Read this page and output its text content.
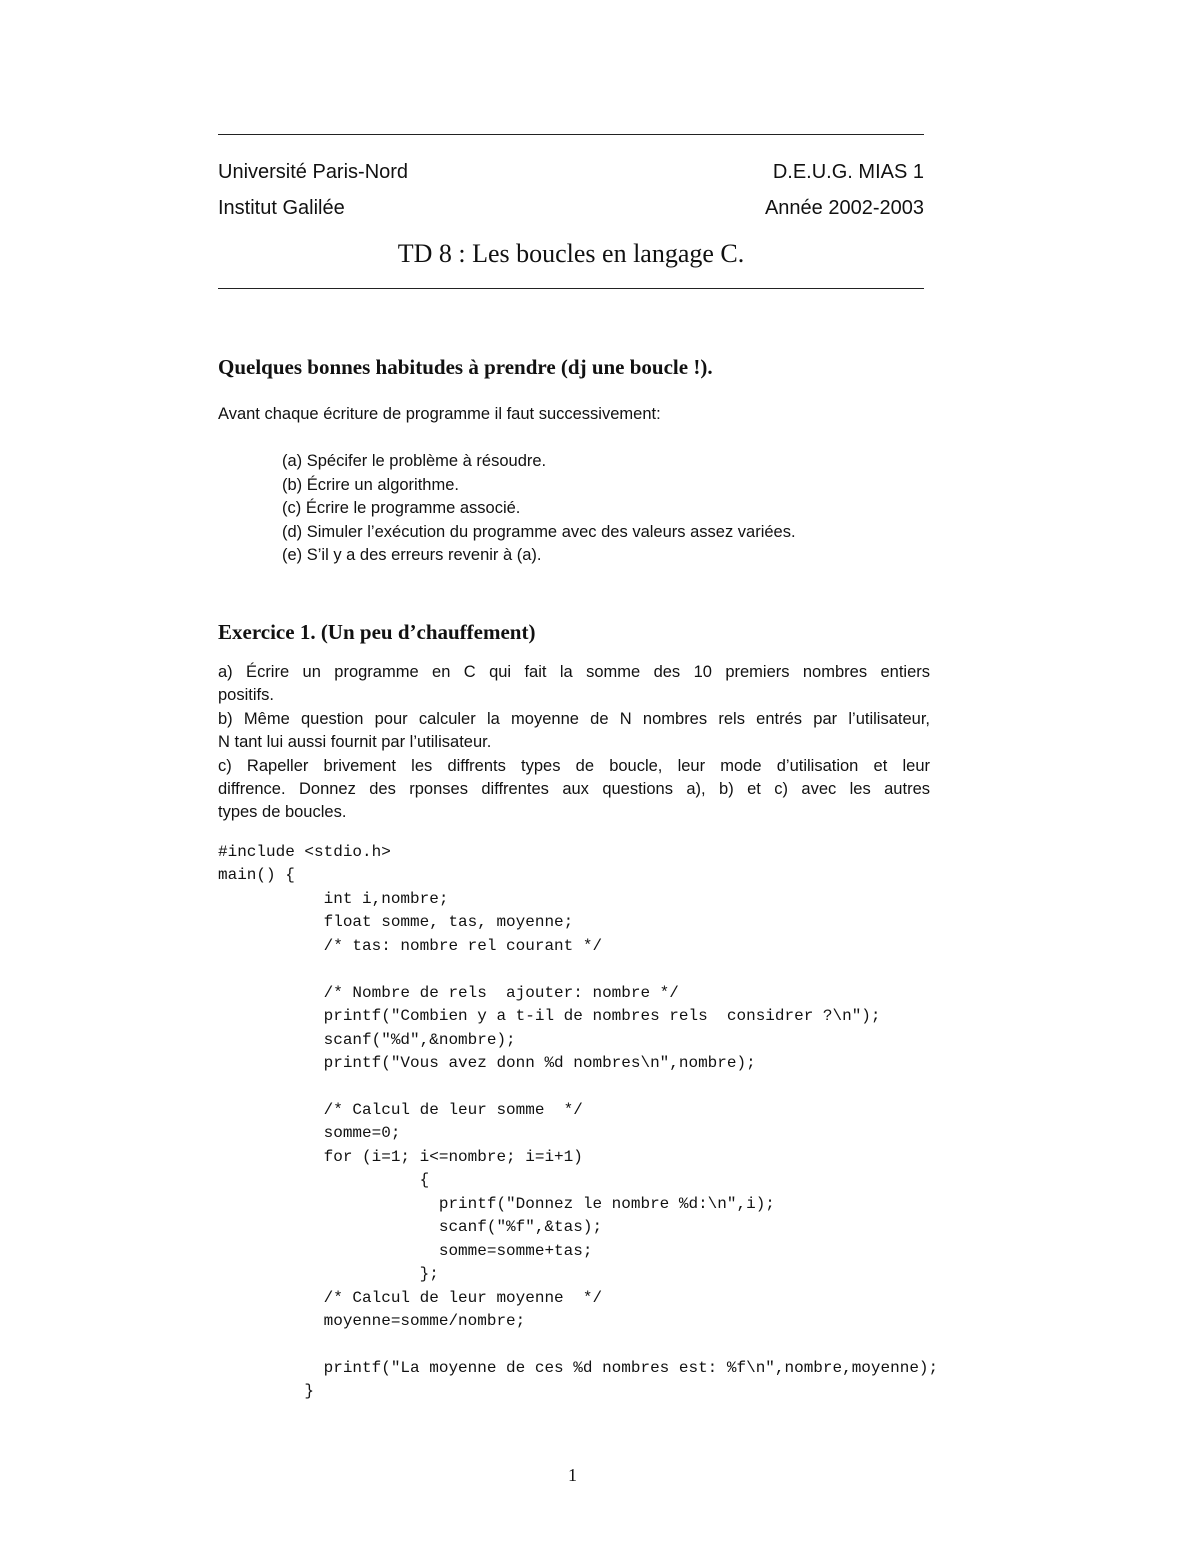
Université Paris-Nord	D.E.U.G. MIAS 1
Institut Galilée	Année 2002-2003
TD 8 : Les boucles en langage C.
Quelques bonnes habitudes à prendre (dj une boucle !).
Avant chaque écriture de programme il faut successivement:
(a) Spécifer le problème à résoudre.
(b) Écrire un algorithme.
(c) Écrire le programme associé.
(d) Simuler l’exécution du programme avec des valeurs assez variées.
(e) S’il y a des erreurs revenir à (a).
Exercice 1. (Un peu d’chauffement)
a) Écrire un programme en C qui fait la somme des 10 premiers nombres entiers
positifs.
b) Même question pour calculer la moyenne de N nombres rels entrés par l’utilisateur,
N tant lui aussi fournit par l’utilisateur.
c) Rapeller brivement les diffrents types de boucle, leur mode d’utilisation et leur
diffrence. Donnez des rponses diffrentes aux questions a), b) et c) avec les autres
types de boucles.
#include <stdio.h>
main() {
int i,nombre;
float somme, tas, moyenne;
/* tas: nombre rel courant */

/* Nombre de rels  ajouter: nombre */
printf("Combien y a t-il de nombres rels  considrer ?\n");
scanf("%d",&nombre);
printf("Vous avez donn %d nombres\n",nombre);

/* Calcul de leur somme  */
somme=0;
for (i=1; i<=nombre; i=i+1)
{
printf("Donnez le nombre %d:\n",i);
scanf("%f",&tas);
somme=somme+tas;
};
/* Calcul de leur moyenne  */
moyenne=somme/nombre;

printf("La moyenne de ces %d nombres est: %f\n",nombre,moyenne);
}
1
